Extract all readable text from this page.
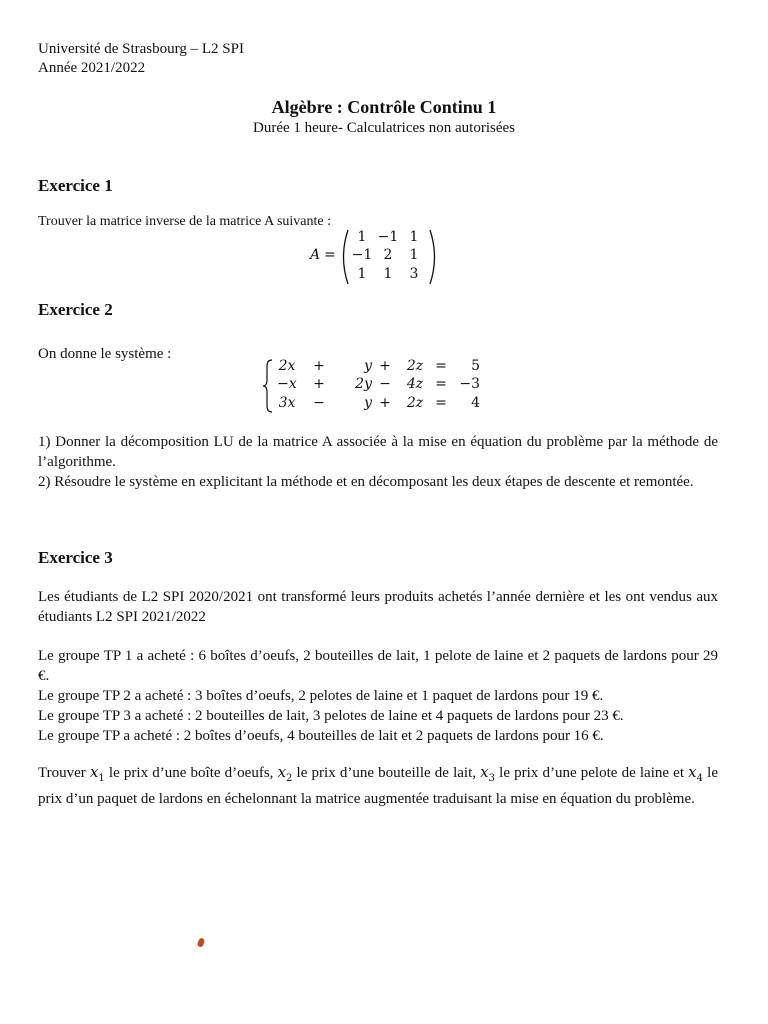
Université de Strasbourg – L2 SPI
Année 2021/2022
Algèbre : Contrôle Continu 1
Durée 1 heure- Calculatrices non autorisées
Exercice 1
Trouver la matrice inverse de la matrice A suivante :
A =
1 −1 1
−1 2	1
1	1	3
Exercice 2
On donne le système :
2x	+	y +	2z =	5
−x +	2y −	4z = −3
3x	−	y +	2z =	4

1) Donner la décomposition LU de la matrice A associée à la mise en équation du problème par la méthode de l’algorithme.

2) Résoudre le système en explicitant la méthode et en décomposant les deux étapes de descente et remontée.

Exercice 3
Les étudiants de L2 SPI 2020/2021 ont transformé leurs produits achetés l’année dernière et les ont vendus aux étudiants L2 SPI 2021/2022

Le groupe TP 1 a acheté : 6 boîtes d’oeufs, 2 bouteilles de lait, 1 pelote de laine et 2 paquets de lardons pour 29 €.

Le groupe TP 2 a acheté : 3 boîtes d’oeufs, 2 pelotes de laine et 1 paquet de lardons pour 19 €.

Le groupe TP 3 a acheté : 2 bouteilles de lait, 3 pelotes de laine et 4 paquets de lardons pour 23 €.

Le groupe TP a acheté : 2 boîtes d’oeufs, 4 bouteilles de lait et 2 paquets de lardons pour 16 €.

Trouver $x_1$ le prix d’une boîte d’oeufs, $x_2$ le prix d’une bouteille de lait, $x_3$ le prix d’une pelote de laine et $x_4$ le prix d’un paquet de lardons en échelonnant la matrice augmentée traduisant la mise en équation du problème.
